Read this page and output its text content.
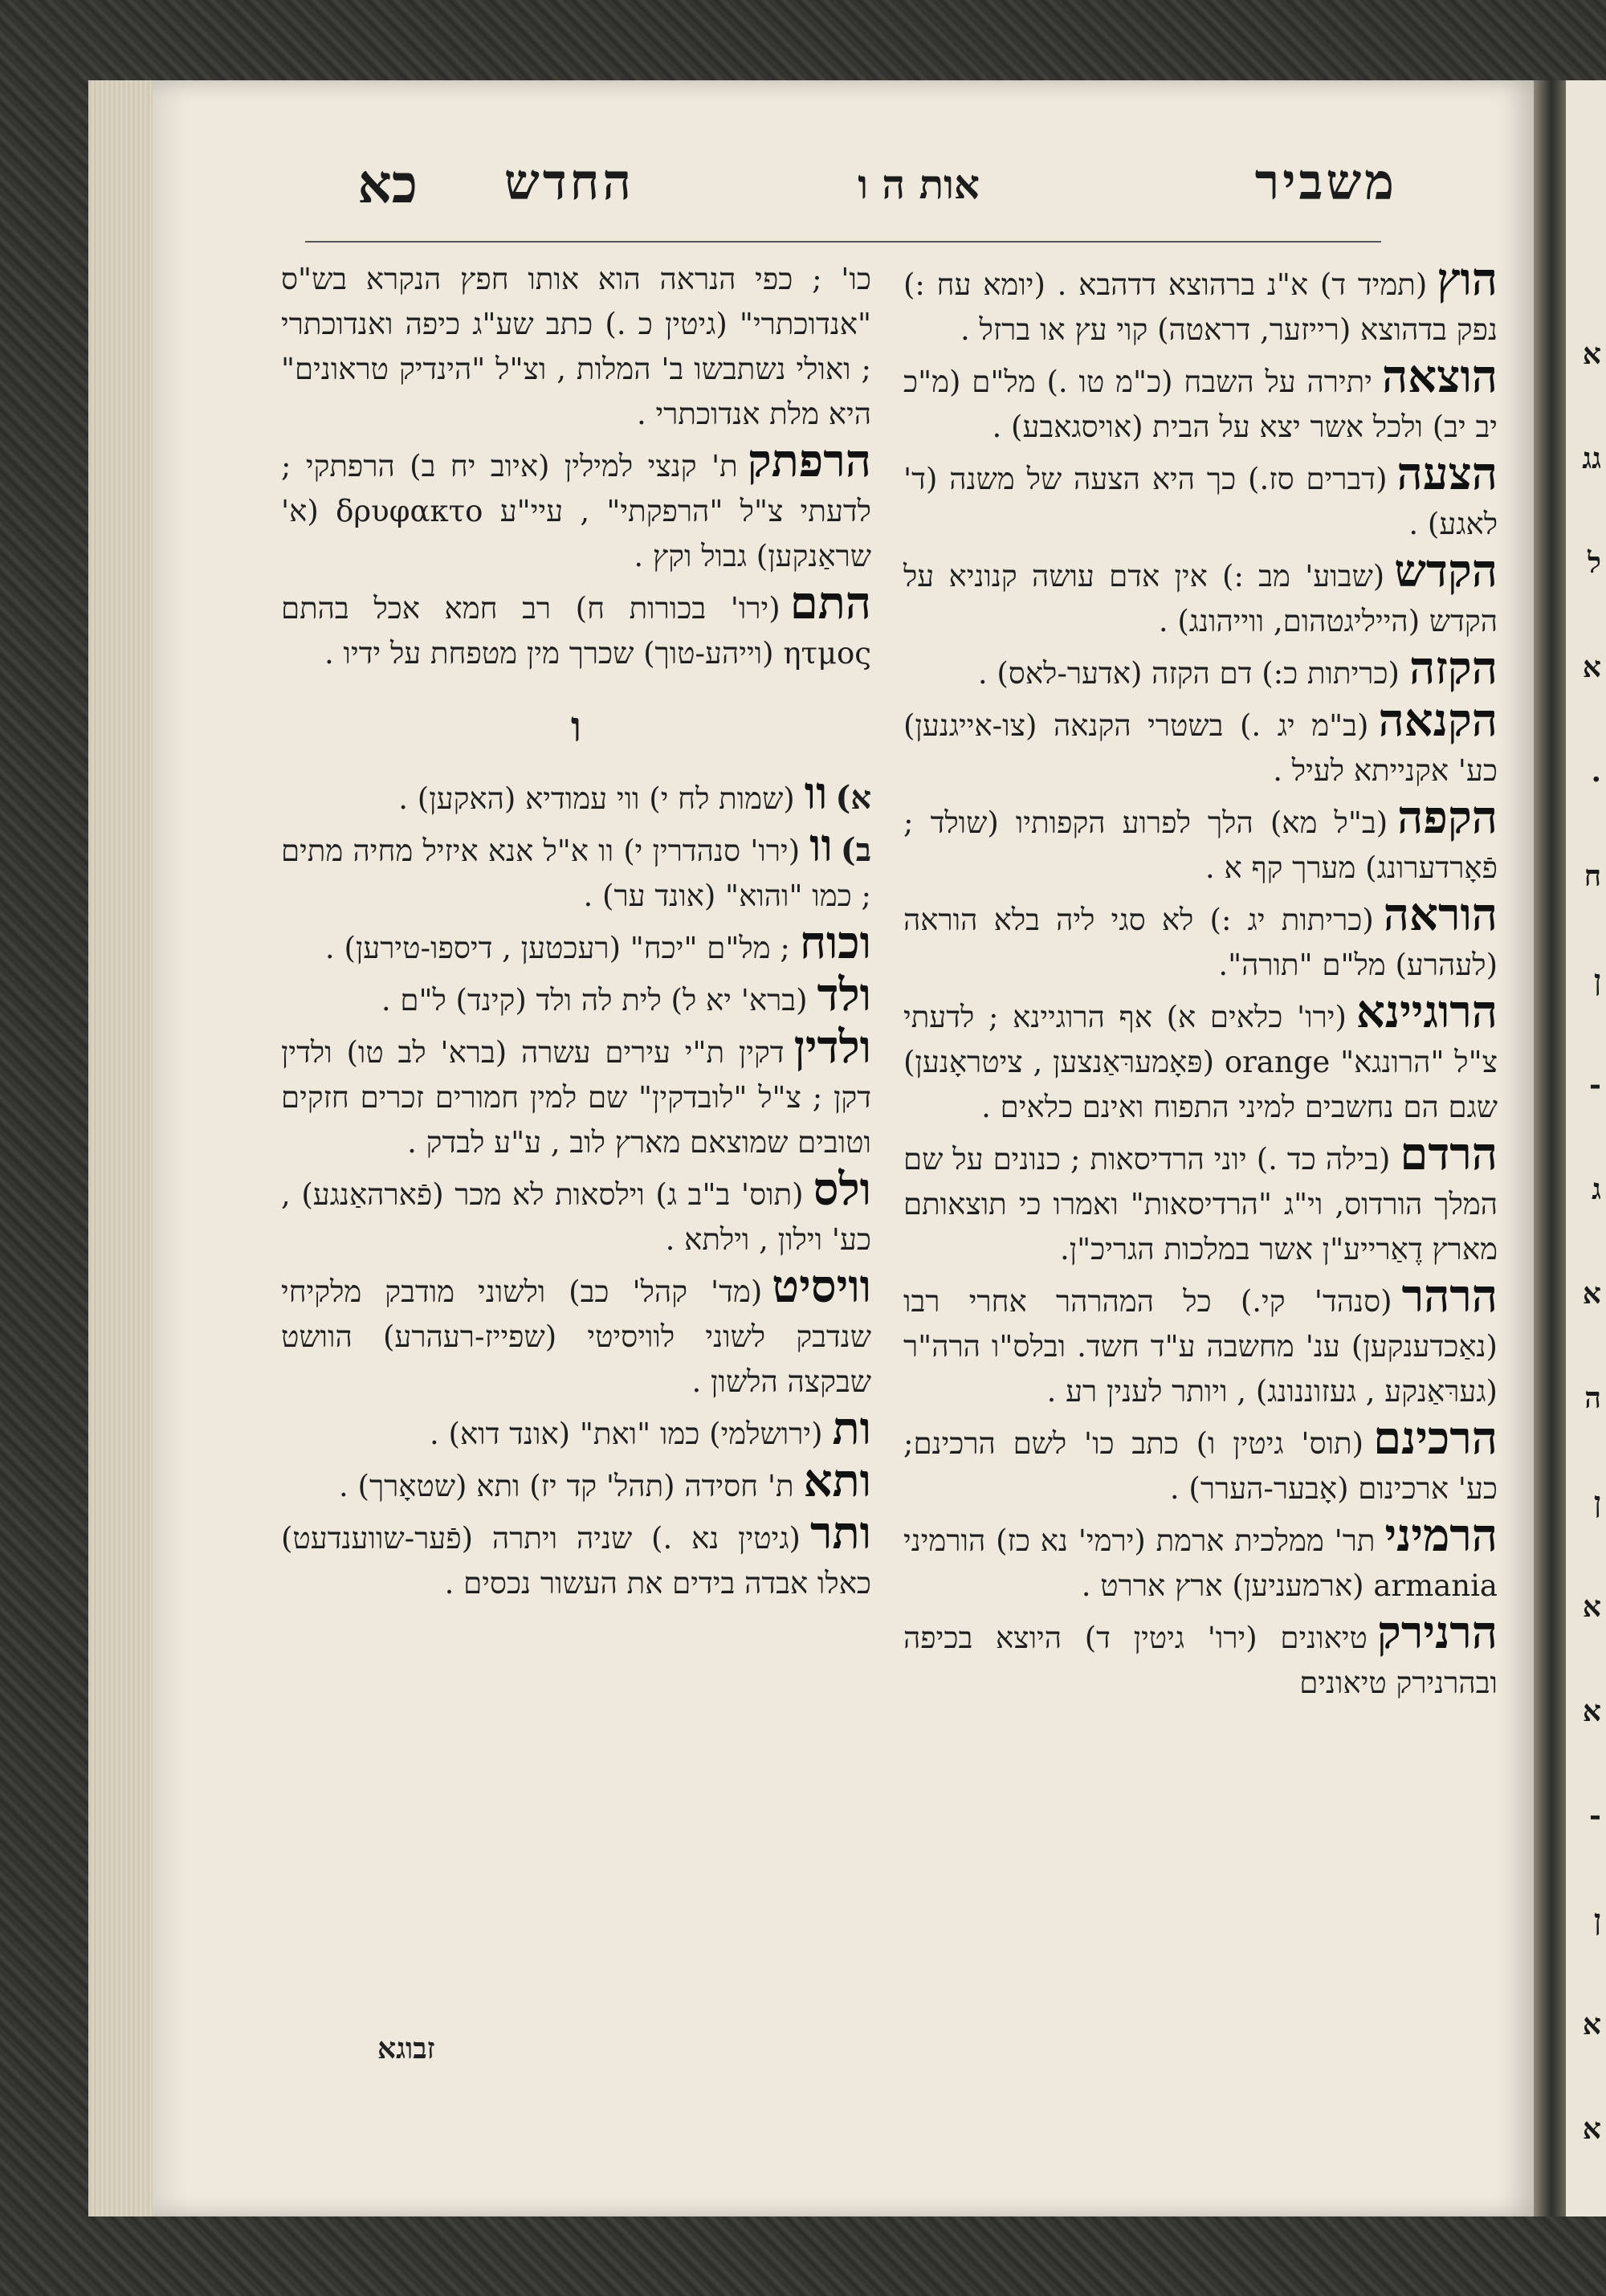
א
גג
ל
א
.
ח
ן
-
ג
א
ה
ן
א
א
-
ן
א
א
משביר
אות ה ו
החדש
כא
הוץ(תמיד ד) א"נ ברהוצא דדהבא . (יומא עח :) נפק בדהוצא (רייזער, דראטה) קוי עץ או ברזל .
הוצאהיתירה על השבח (כ"מ טו .) מל"ם (מ"כ יב יב) ולכל אשר יצא על הבית (אויסגאבע) .
הצעה(דברים סז.) כך היא הצעה של משנה (ד' לאגע) .
הקדש(שבוע' מב :) אין אדם עושה קנוניא על הקדש (הייליגטהום, ווייהונג) .
הקזה(כריתות כ:) דם הקזה (אדער-לאס) .
הקנאה(ב"מ יג .) בשטרי הקנאה (צו-אייגנען) כע' אקנייתא לעיל .
הקפה(ב"ל מא) הלך לפרוע הקפותיו (שולד ; פֿאָרדערונג) מערך קף א .
הוראה(כריתות יג :) לא סגי ליה בלא הוראה (לעהרע) מל"ם "תורה".
הרוגיינא(ירו' כלאים א) אף הרוגיינא ; לדעתי צ"ל "הרונגא" orange (פּאָמערּאַנצען , ציטראָנען) שגם הם נחשבים למיני התפוח ואינם כלאים .
הרדם(בילה כד .) יוני הרדיסאות ; כנונים על שם המלך הורדוס, וי"ג "הרדיסאות" ואמרו כי תוצאותם מארץ דֶאַרייע"ן אשר במלכות הגריכ"ן.
הרהר(סנהד' קי.) כל המהרהר אחרי רבו (נאַכדענקען) ענ' מחשבה ע"ד חשד. ובלס"ו הרה"ר (גערּאַנקע , געזוננונג) , ויותר לענין רע .
הרכינם(תוס' גיטין ו) כתב כו' לשם הרכינם; כע' ארכינום (אָבער-הערר) .
הרמיניתר' ממלכית ארמת (ירמי' נא כז) הורמיני armania (ארמעניען) ארץ אררט .
הרנירקטיאונים (ירו' גיטין ד) היוצא בכיפה ובהרנירק טיאונים
כו' ; כפי הנראה הוא אותו חפץ הנקרא בש"ס "אנדוכתרי" (גיטין כ .) כתב שע"ג כיפה ואנדוכתרי ; ואולי נשתבשו ב' המלות , וצ"ל "הינדיק טראונים" היא מלת אנדוכתרי .
הרפתקת' קנצי למילין (איוב יח ב) הרפתקי ; לדעתי צ"ל "הרפקתי" , עיי"ע δρυφακτο (א' שראַנקען) גבול וקץ .
התם(ירו' בכורות ח) רב חמא אכל בהתם ητμος (וייהע-טוך) שכרך מין מטפחת על ידיו .
ו
א)וו(שמות לח י) ווי עמודיא (האקען) .
ב)וו(ירו' סנהדרין י) וו א"ל אנא איזיל מחיה מתים ; כמו "והוא" (אונד ער) .
וכוח; מל"ם "יכח" (רעכטען , דיספו-טירען) .
ולד(ברא' יא ל) לית לה ולד (קינד) ל"ם .
ולדיןדקין ת"י עירים עשרה (ברא' לב טו) ולדין דקן ; צ"ל "לובדקין" שם למין חמורים זכרים חזקים וטובים שמוצאם מארץ לוב , ע"ע לבדק .
ולס(תוס' ב"ב ג) וילסאות לא מכר (פֿארהאַנגע) , כע' וילון , וילתא .
וויסיט(מד' קהל' כב) ולשוני מודבק מלקיחי שנדבק לשוני לוויסיטי (שפייז-רעהרע) הוושט שבקצה הלשון .
ות(ירושלמי) כמו "ואת" (אונד דוא) .
ותאת' חסידה (תהל' קד יז) ותא (שטאָרך) .
ותר(גיטין נא .) שניה ויתרה (פֿער-שווענדעט) כאלו אבדה בידים את העשור נכסים .
זבוגא
